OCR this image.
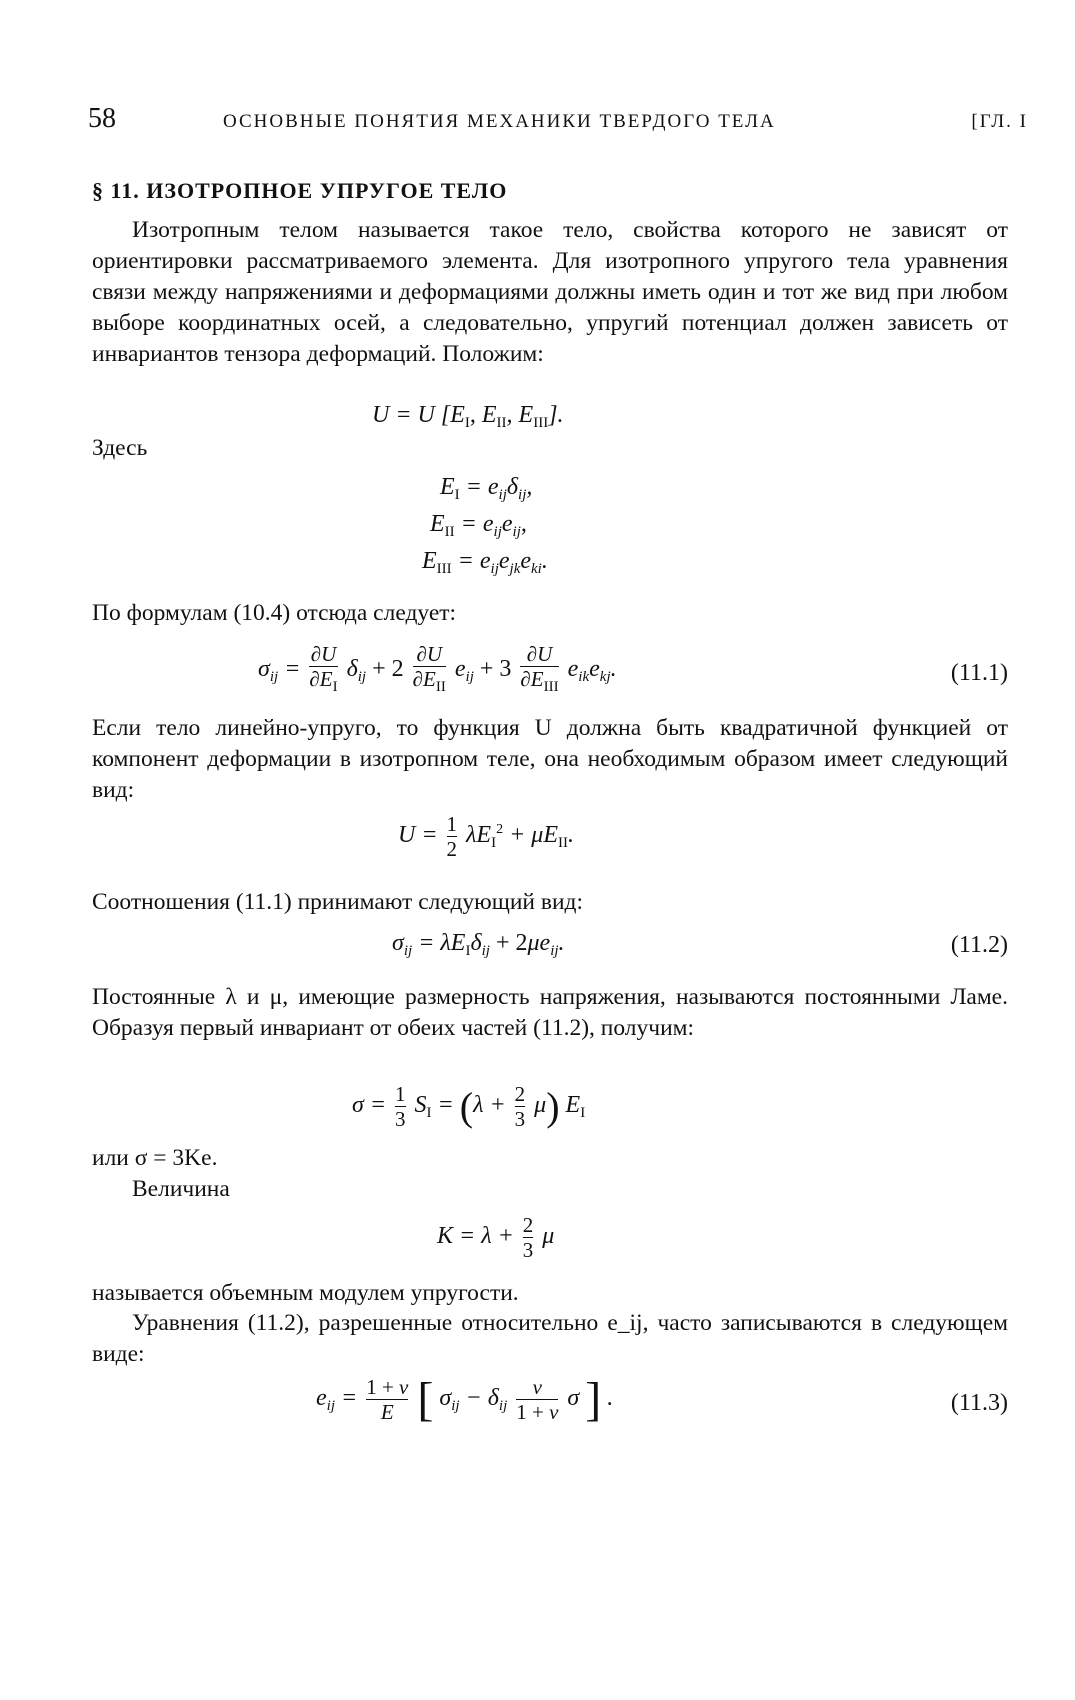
58	ОСНОВНЫЕ ПОНЯТИЯ МЕХАНИКИ ТВЕРДОГО ТЕЛА	[ГЛ. I
§ 11. ИЗОТРОПНОЕ УПРУГОЕ ТЕЛО
Изотропным телом называется такое тело, свойства которого не зависят от ориентировки рассматриваемого элемента. Для изотропного упругого тела уравнения связи между напряжениями и деформациями должны иметь один и тот же вид при любом выборе координатных осей, а следовательно, упругий потенциал должен зависеть от инвариантов тензора деформаций. Положим:
U = U [$E_I$, $E_{II}$, $E_{III}$].
Здесь
$E_I = e_{ij}\delta_{ij}$,
$E_{II} = e_{ij}e_{ij}$,
$E_{III} = e_{ij}e_{jk}e_{ki}$.
По формулам (10.4) отсюда следует:
$\sigma_{ij} = \frac{\partial U}{\partial E_I} \delta_{ij} + 2 \frac{\partial U}{\partial E_{II}} e_{ij} + 3 \frac{\partial U}{\partial E_{III}} e_{ik}e_{kj}$.	(11.1)
Если тело линейно-упруго, то функция U должна быть квадратичной функцией от компонент деформации в изотропном теле, она необходимым образом имеет следующий вид:
$U = \frac{1}{2} \lambda E_I^2 + \mu E_{II}$.
Соотношения (11.1) принимают следующий вид:
$\sigma_{ij} = \lambda E_I\delta_{ij} + 2\mu e_{ij}$.	(11.2)
Постоянные λ и μ, имеющие размерность напряжения, называются постоянными Ламе. Образуя первый инвариант от обеих частей (11.2), получим:
$\sigma = \frac{1}{3} S_I = (\lambda + \frac{2}{3} \mu)$ $E_I$
или σ = 3Ke.
Величина
$K = \lambda + \frac{2}{3}$ μ
называется объемным модулем упругости.
Уравнения (11.2), разрешенные относительно e_ij, часто записываются в следующем виде:
$e_{ij} = \frac{1 + \nu}{E}$ [ $\sigma_{ij} - \delta_{ij} \frac{\nu}{1 + \nu}$ σ ] .	(11.3)
